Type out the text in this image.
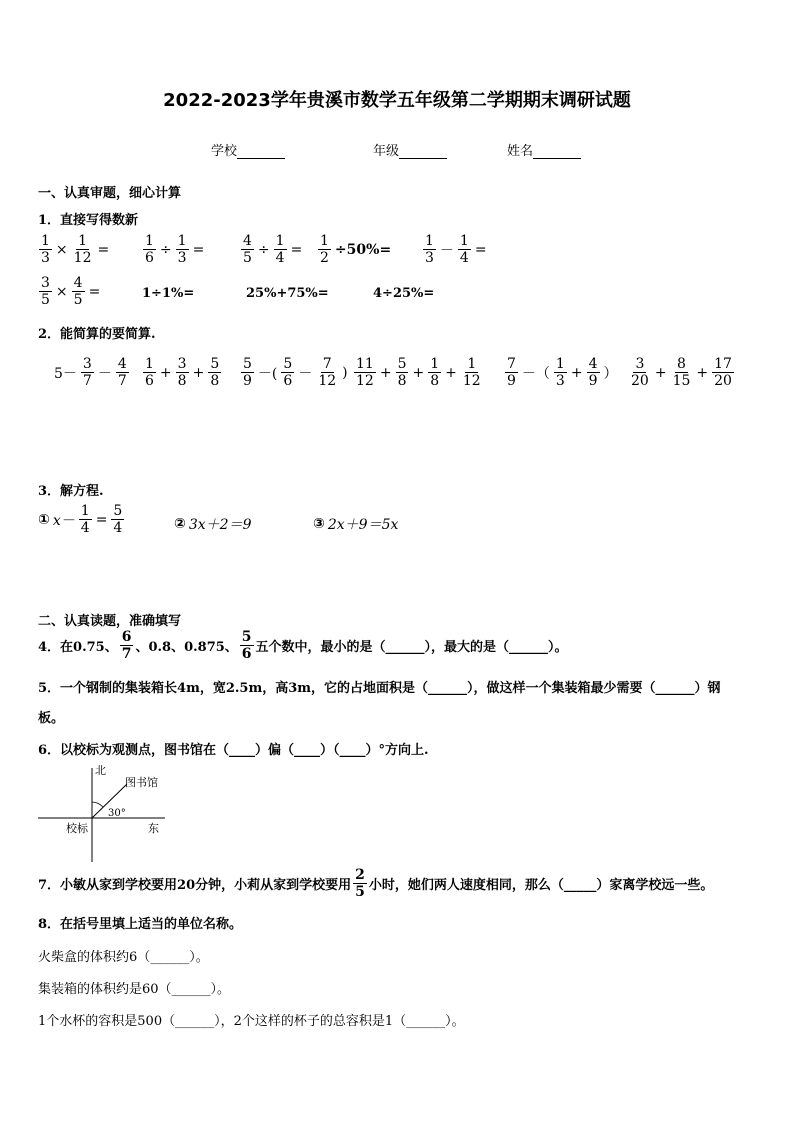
2022-2023学年贵溪市数学五年级第二学期期末调研试题
学校	年级	姓名
一、认真审题，细心计算
1．直接写得数新
$\frac{1}{3} \times \frac{1}{12} = \frac{1}{6} \div \frac{1}{3}$ =	$\frac{4}{5} \div \frac{1}{4} = \frac{1}{2} \div 50\%= \frac{1}{3} - \frac{1}{4}$ =
$\frac{3}{5} \times \frac{4}{5}$ =	1÷1%=	25%+75%=	4÷25%=
2．能简算的要简算.
$5- \frac{3}{7} - \frac{4}{7} \frac{1}{6} + \frac{3}{8} + \frac{5}{8} \frac{5}{9}$ －( $\frac{5}{6} - \frac{7}{12}$ ) $\frac{11}{12} + \frac{5}{8} + \frac{1}{8} + \frac{1}{12} \frac{7}{9}$ －（ $\frac{1}{3} + \frac{4}{9}$ ） $\frac{3}{20} + \frac{8}{15} + \frac{17}{20}$
3．解方程.
① $x- \frac{1}{4} = \frac{5}{4}$	② 3x＋2＝9	③ 2x＋9＝5x
二、认真读题，准确填写
4．在0.75、 $\frac{6}{7}$ 、0.8、0.875、 $\frac{5}{6}$ 五个数中，最小的是（______），最大的是（______）。
5．一个钢制的集装箱长4m，宽2.5m，高3m，它的占地面积是（______），做这样一个集装箱最少需要（______）钢
板。
6．以校标为观测点，图书馆在（____）偏（____）（____）°方向上.
北
东
校标
图书馆
30°
7．小敏从家到学校要用20分钟，小莉从家到学校要用 $\frac{2}{5}$ 小时，她们两人速度相同，那么（_____）家离学校远一些。
8．在括号里填上适当的单位名称。
火柴盒的体积约6（______）。
集装箱的体积约是60（______）。
1个水杯的容积是500（______），2个这样的杯子的总容积是1（______）。
